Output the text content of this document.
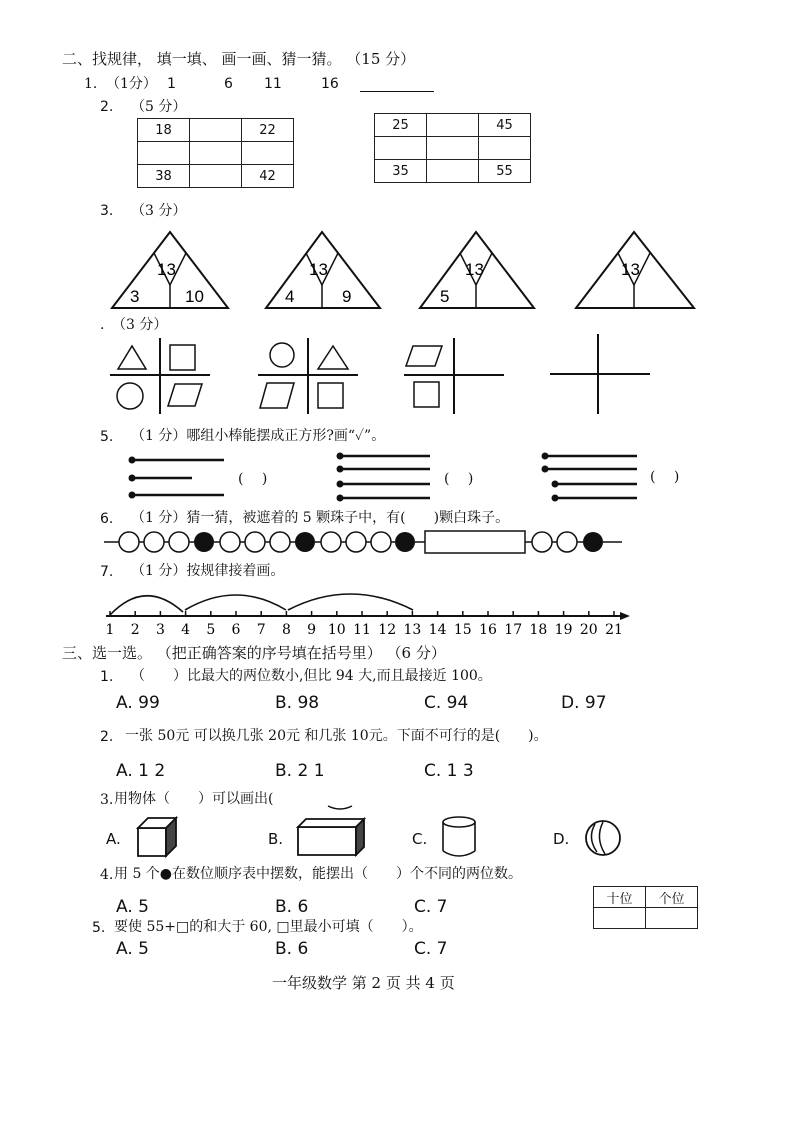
二、找规律， 填一填、 画一画、猜一猜。 （15 分）
1. （1分） 1	6 11	16
2. （5 分）
18		22

38		42
25		45

35		55
3. （3 分）
13
3	10
13
4	9
13
5
13
. （3 分）
5. （1 分）哪组小棒能摆成正方形?画“✓”。
(　 )	(　 )	(　 )
6. （1 分）猜一猜，被遮着的 5 颗珠子中，有(　　)颗白珠子。
7. （1 分）按规律接着画。
1 2 3 4 5 6 7 8 9 10 11 12 13 14 15 16 17 18 19 20 21
三、选一选。 （把正确答案的序号填在括号里） （6 分）
1. （　　）比最大的两位数小,但比 94 大,而且最接近 100。
A. 99	B. 98	C. 94	D. 97
2. 一张 50元 可以换几张 20元 和几张 10元。下面不可行的是(　　)。
A. 1 2	B. 2 1	C. 1 3
3. 用物体（　　）可以画出(
A.	B.	C.	D.
4. 用 5 个●在数位顺序表中摆数，能摆出（　　）个不同的两位数。
A. 5	B. 6	C. 7	十位	个位

5. 要使 55+□的和大于 60, □里最小可填（　　）。
A. 5	B. 6	C. 7
一年级数学 第 2 页 共 4 页
